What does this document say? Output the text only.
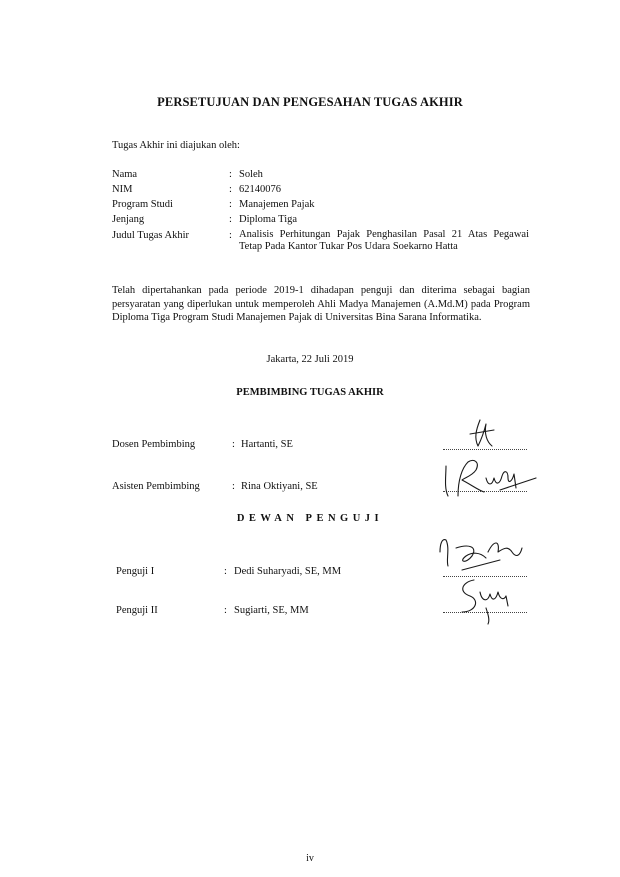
PERSETUJUAN DAN PENGESAHAN TUGAS AKHIR
Tugas Akhir ini diajukan oleh:
Nama	: Soleh
NIM	: 62140076
Program Studi	: Manajemen Pajak
Jenjang	: Diploma Tiga
Judul Tugas Akhir	: Analisis Perhitungan Pajak Penghasilan Pasal 21 Atas Pegawai Tetap Pada Kantor Tukar Pos Udara Soekarno Hatta
Telah dipertahankan pada periode 2019-1 dihadapan penguji dan diterima sebagai bagian persyaratan yang diperlukan untuk memperoleh Ahli Madya Manajemen (A.Md.M) pada Program Diploma Tiga Program Studi Manajemen Pajak di Universitas Bina Sarana Informatika.
Jakarta, 22 Juli 2019
PEMBIMBING TUGAS AKHIR
Dosen Pembimbing	: Hartanti, SE
Asisten Pembimbing	: Rina Oktiyani, SE
DEWAN PENGUJI
Penguji I	: Dedi Suharyadi, SE, MM
Penguji II	: Sugiarti, SE, MM
iv
